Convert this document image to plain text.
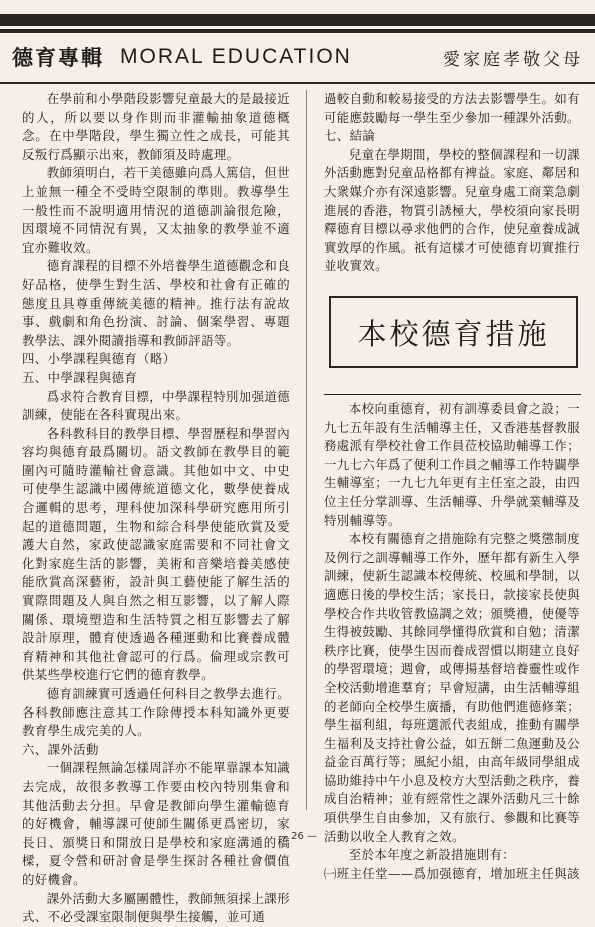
德育專輯 MORAL EDUCATION	愛家庭孝敬父母

在學前和小學階段影響兒童最大的是最接近的人，所以要以身作則而非灌輸抽象道德概念。在中學階段，學生獨立性之成長，可能其反叛行爲顯示出來，教師須及時處理。

教師須明白，若干美德雖向爲人篤信，但世上並無一種全不受時空限制的準則。教導學生一般性而不說明適用情況的道德訓論很危險，因環境不同情況有異，又太抽象的教學並不適宜亦難收效。

德育課程的目標不外培養學生道德觀念和良好品格，使學生對生活、學校和社會有正確的態度且具尊重傳統美德的精神。推行法有說故事、戲劇和角色扮演、討論、個案學習、專題教學法、課外閱讀指導和教師評語等。

四、小學課程與德育（略）

五、中學課程與德育

爲求符合教育目標，中學課程特別加强道德訓練，使能在各科實現出來。

各科教科目的教學目標、學習歷程和學習內容均與德育最爲關切。語文教師在教學目的範圍內可隨時灌輸社會意識。其他如中文、中史可使學生認識中國傳統道德文化，數學使養成合邏輯的思考，理科使加深科學研究應用所引起的道德問題，生物和綜合科學使能欣賞及愛護大自然，家政使認識家庭需要和不同社會文化對家庭生活的影響，美術和音樂培養美感使能欣賞高深藝術，設計與工藝使能了解生活的實際問題及人與自然之相互影響，以了解人際關係、環境塑造和生活特質之相互影響去了解設計原理，體育使透過各種運動和比賽養成體育精神和其他社會認可的行爲。倫理或宗教可供某些學校進行它們的德育教學。

德育訓練實可透過任何科目之教學去進行。各科教師應注意其工作除傳授本科知識外更要教育學生成完美的人。

六、課外活動

一個課程無論怎樣周詳亦不能單靠課本知識去完成，故很多教導工作要由校內特別集會和其他活動去分担。早會是教師向學生灌輸德育的好機會，輔導課可使師生關係更爲密切，家長日、頒獎日和開放日是學校和家庭溝通的橋樑，夏令營和研討會是學生探討各種社會價值的好機會。

課外活動大多屬團體性，教師無須採上課形式、不必受課室限制便與學生接觸，並可通

過較自動和較易接受的方法去影響學生。如有可能應鼓勵每一學生至少參加一種課外活動。

七、結論

兒童在學期間，學校的整個課程和一切課外活動應對兒童品格都有裨益。家庭、鄰居和大衆媒介亦有深遠影響。兒童身處工商業急劇進展的香港，物質引誘極大，學校須向家長明釋德育目標以尋求他們的合作，使兒童養成誠實敦厚的作風。祇有這樣才可使德育切實推行並收實效。

本校德育措施

本校向重德育，初有訓導委員會之設；一九七五年設有生活輔導主任，又香港基督教服務處派有學校社會工作員莅校協助輔導工作；一九七六年爲了便利工作員之輔導工作特闢學生輔導室；一九七九年更有主任室之設，由四位主任分掌訓導、生活輔導、升學就業輔導及特別輔導等。

本校有關德育之措施除有完整之獎懲制度及例行之訓導輔導工作外，歷年都有新生入學訓練，使新生認識本校傳統、校風和學制，以適應日後的學校生活；家長日，款接家長使與學校合作共收管教協調之效；頒獎禮，使優等生得被鼓勵、其餘同學懂得欣賞和自勉；清潔秩序比賽，使學生因而養成習慣以期建立良好的學習環境；週會，或傳揚基督培養靈性或作全校活動增進羣育；早會短講，由生活輔導組的老師向全校學生廣播，有助他們進德修業；學生福利組，每班選派代表組成，推動有關學生福利及支持社會公益，如五餅二魚運動及公益金百萬行等；風紀小組，由高年級同學組成協助維持中午小息及校方大型活動之秩序，養成自治精神；並有經常性之課外活動凡三十餘項供學生自由參加，又有旅行、參觀和比賽等活動以收全人教育之效。

至於本年度之新設措施則有：

㈠班主任堂——爲加强德育，增加班主任與該

— 26 —
